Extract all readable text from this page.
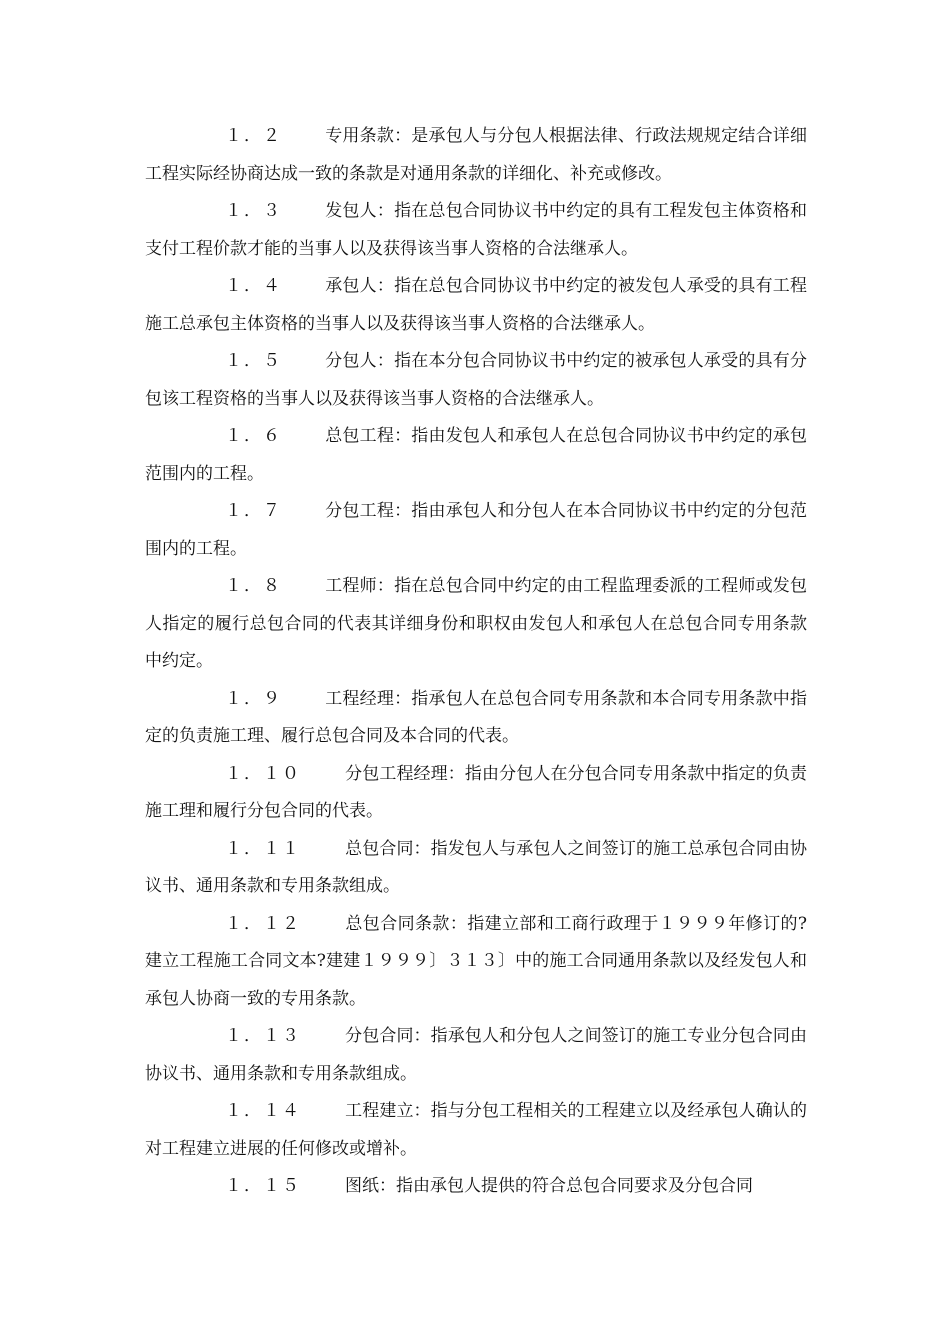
１．２	专用条款：是承包人与分包人根据法律、行政法规规定结合详细工程实际经协商达成一致的条款是对通用条款的详细化、补充或修改。

１．３	发包人：指在总包合同协议书中约定的具有工程发包主体资格和支付工程价款才能的当事人以及获得该当事人资格的合法继承人。

１．４	承包人：指在总包合同协议书中约定的被发包人承受的具有工程施工总承包主体资格的当事人以及获得该当事人资格的合法继承人。

１．５	分包人：指在本分包合同协议书中约定的被承包人承受的具有分包该工程资格的当事人以及获得该当事人资格的合法继承人。

１．６	总包工程：指由发包人和承包人在总包合同协议书中约定的承包范围内的工程。

１．７	分包工程：指由承包人和分包人在本合同协议书中约定的分包范围内的工程。

１．８	工程师：指在总包合同中约定的由工程监理委派的工程师或发包人指定的履行总包合同的代表其详细身份和职权由发包人和承包人在总包合同专用条款中约定。

１．９	工程经理：指承包人在总包合同专用条款和本合同专用条款中指定的负责施工理、履行总包合同及本合同的代表。

１．１０	分包工程经理：指由分包人在分包合同专用条款中指定的负责施工理和履行分包合同的代表。

１．１１	总包合同：指发包人与承包人之间签订的施工总承包合同由协议书、通用条款和专用条款组成。

１．１２	总包合同条款：指建立部和工商行政理于１９９９年修订的?建立工程施工合同文本?建建１９９９〕３１３〕中的施工合同通用条款以及经发包人和承包人协商一致的专用条款。

１．１３	分包合同：指承包人和分包人之间签订的施工专业分包合同由协议书、通用条款和专用条款组成。

１．１４	工程建立：指与分包工程相关的工程建立以及经承包人确认的对工程建立进展的任何修改或增补。

１．１５	图纸：指由承包人提供的符合总包合同要求及分包合同
